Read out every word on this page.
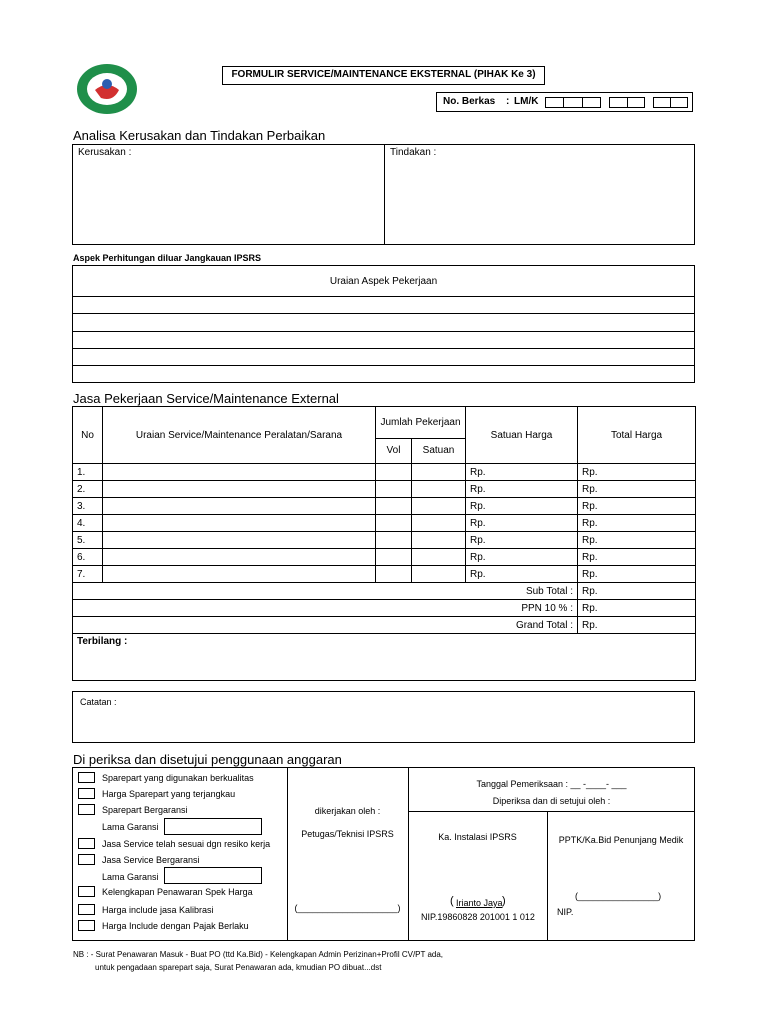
FORMULIR SERVICE/MAINTENANCE EKSTERNAL (PIHAK Ke 3)
No. Berkas : LM/K
Analisa Kerusakan dan Tindakan Perbaikan
Kerusakan :	Tindakan :
Aspek Perhitungan diluar Jangkauan IPSRS
Uraian Aspek Pekerjaan
Jasa Pekerjaan Service/Maintenance External
No	Uraian Service/Maintenance Peralatan/Sarana	Jumlah Pekerjaan		Satuan Harga	Total Harga
		Vol	Satuan		
1.				Rp.	Rp.
2.				Rp.	Rp.
3.				Rp.	Rp.
4.				Rp.	Rp.
5.				Rp.	Rp.
6.				Rp.	Rp.
7.				Rp.	Rp.
Sub Total :					Rp.
PPN 10 % :					Rp.
Grand Total :					Rp.
Terbilang :					
Catatan :
Di periksa dan disetujui penggunaan anggaran
Sparepart yang digunakan berkualitas
Harga Sparepart yang terjangkau
Sparepart Bergaransi
Lama Garansi
Jasa Service telah sesuai dgn resiko kerja
Jasa Service Bergaransi
Lama Garansi
Kelengkapan Penawaran Spek Harga
Harga include jasa Kalibrasi
Harga Include dengan Pajak Berlaku
dikerjakan oleh :
Petugas/Teknisi IPSRS
(____________________)
Tanggal Pemeriksaan : __ -____- ___
Diperiksa dan di setujui oleh :
Ka. Instalasi IPSRS
( Irianto Jaya )
NIP.19860828 201001 1 012
PPTK/Ka.Bid Penunjang Medik
(________________)
NIP.
NB : - Surat Penawaran Masuk - Buat PO (ttd Ka.Bid) - Kelengkapan Admin Perizinan+Profil CV/PT ada,
untuk pengadaan sparepart saja, Surat Penawaran ada, kmudian PO dibuat...dst
